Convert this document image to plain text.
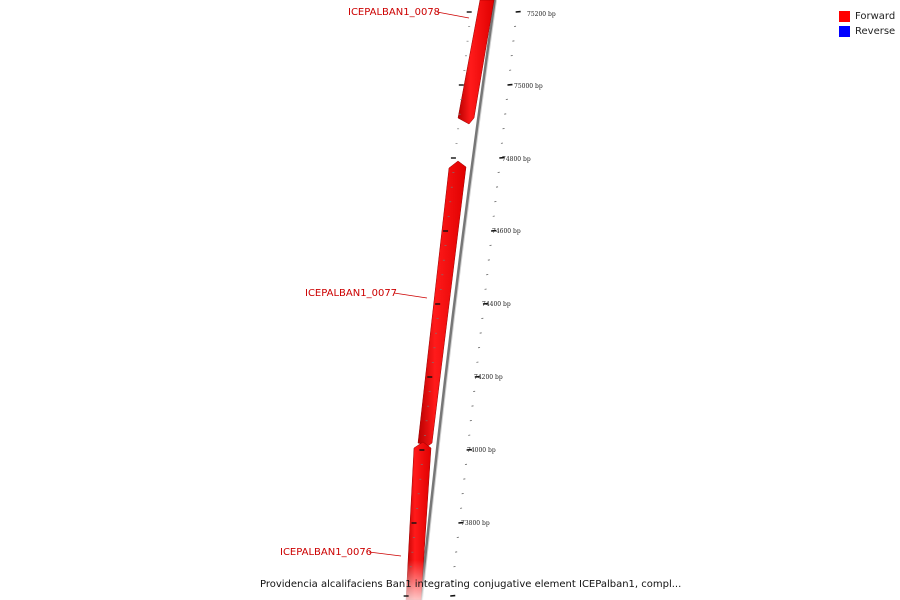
75200 bp
75000 bp
74800 bp
74600 bp
74400 bp
74200 bp
74000 bp
73800 bp
ICEPALBAN1_0078
ICEPALBAN1_0077
ICEPALBAN1_0076
Forward
Reverse
Providencia alcalifaciens Ban1 integrating conjugative element ICEPalban1, compl...
